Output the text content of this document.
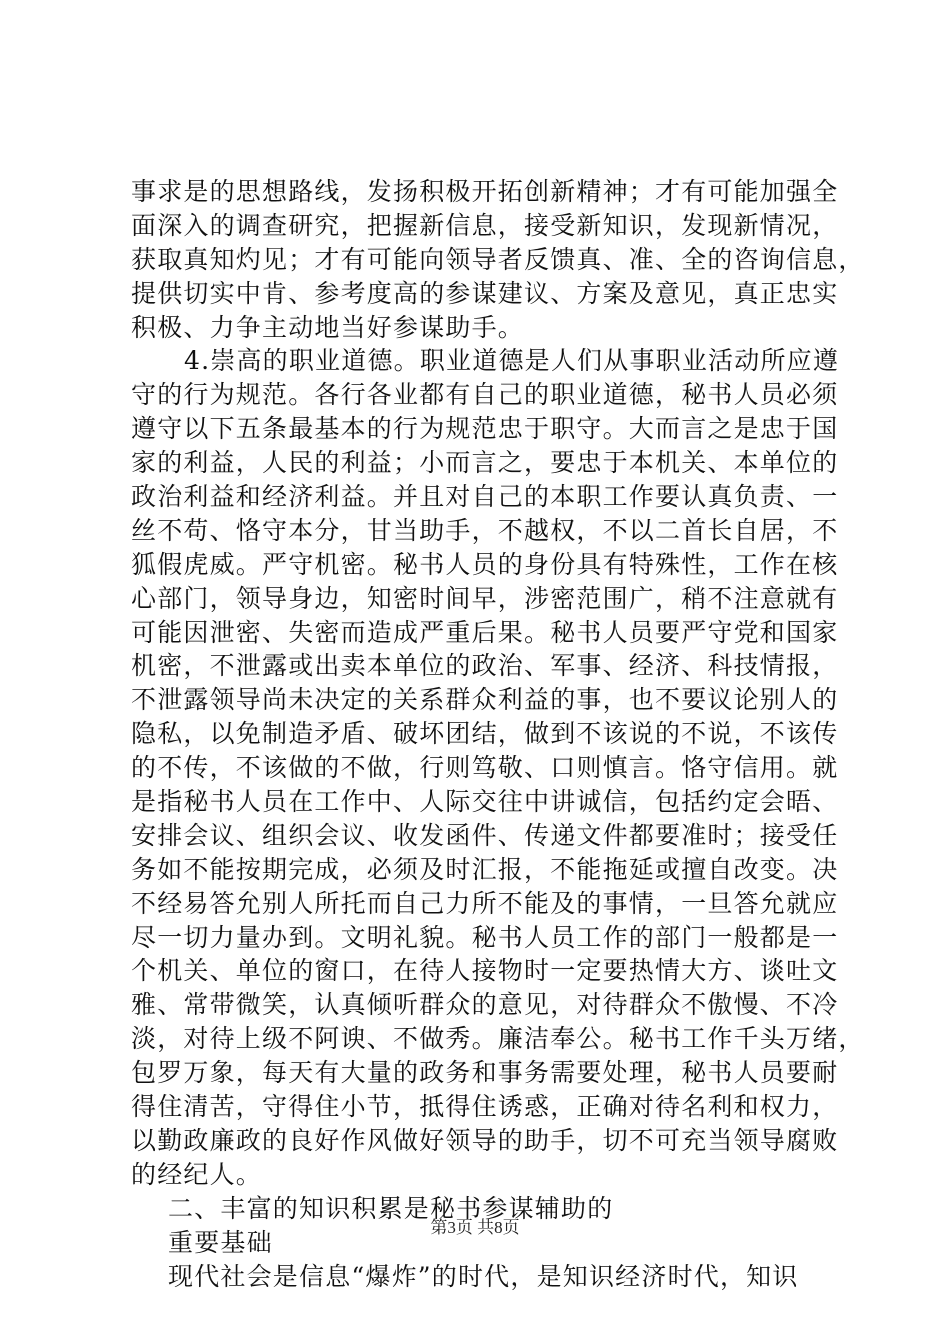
事求是的思想路线，发扬积极开拓创新精神；才有可能加强全
面深入的调查研究，把握新信息，接受新知识，发现新情况，
获取真知灼见；才有可能向领导者反馈真、准、全的咨询信息，
提供切实中肯、参考度高的参谋建议、方案及意见，真正忠实
积极、力争主动地当好参谋助手。
4.崇高的职业道德。职业道德是人们从事职业活动所应遵
守的行为规范。各行各业都有自己的职业道德，秘书人员必须
遵守以下五条最基本的行为规范忠于职守。大而言之是忠于国
家的利益，人民的利益；小而言之，要忠于本机关、本单位的
政治利益和经济利益。并且对自己的本职工作要认真负责、一
丝不苟、恪守本分，甘当助手，不越权，不以二首长自居，不
狐假虎威。严守机密。秘书人员的身份具有特殊性，工作在核
心部门，领导身边，知密时间早，涉密范围广，稍不注意就有
可能因泄密、失密而造成严重后果。秘书人员要严守党和国家
机密，不泄露或出卖本单位的政治、军事、经济、科技情报，
不泄露领导尚未决定的关系群众利益的事，也不要议论别人的
隐私，以免制造矛盾、破坏团结，做到不该说的不说，不该传
的不传，不该做的不做，行则笃敬、口则慎言。恪守信用。就
是指秘书人员在工作中、人际交往中讲诚信，包括约定会晤、
安排会议、组织会议、收发函件、传递文件都要准时；接受任
务如不能按期完成，必须及时汇报，不能拖延或擅自改变。决
不经易答允别人所托而自己力所不能及的事情，一旦答允就应
尽一切力量办到。文明礼貌。秘书人员工作的部门一般都是一
个机关、单位的窗口，在待人接物时一定要热情大方、谈吐文
雅、常带微笑，认真倾听群众的意见，对待群众不傲慢、不冷
淡，对待上级不阿谀、不做秀。廉洁奉公。秘书工作千头万绪，
包罗万象，每天有大量的政务和事务需要处理，秘书人员要耐
得住清苦，守得住小节，抵得住诱惑，正确对待名利和权力，
以勤政廉政的良好作风做好领导的助手，切不可充当领导腐败
的经纪人。
二、丰富的知识积累是秘书参谋辅助的
重要基础
现代社会是信息“爆炸”的时代，是知识经济时代，知识
第3页 共8页
